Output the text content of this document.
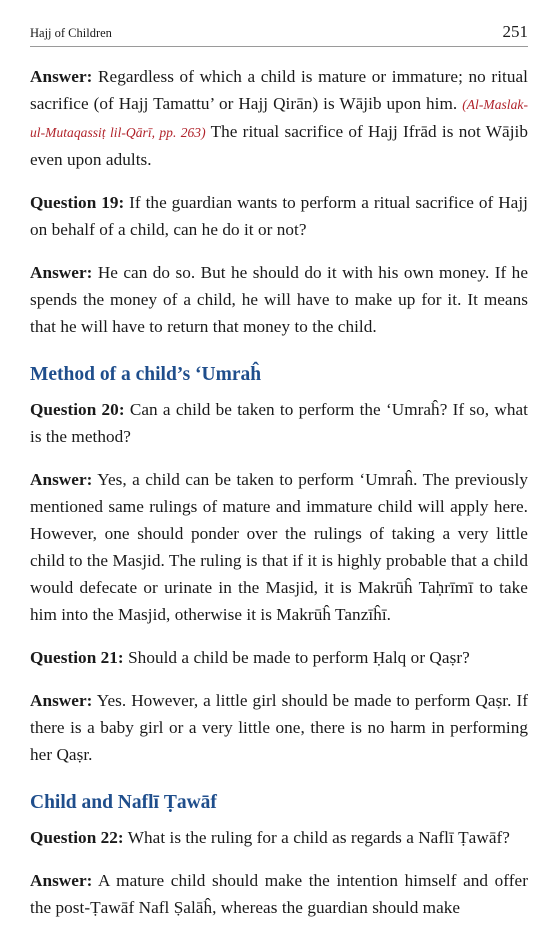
Hajj of Children	251

Answer: Regardless of which a child is mature or immature; no ritual sacrifice (of Hajj Tamattu’ or Hajj Qirān) is Wājib upon him. (Al-Maslak-ul-Mutaqassiṭ lil-Qārī, pp. 263) The ritual sacrifice of Hajj Ifrād is not Wājib even upon adults.

Question 19: If the guardian wants to perform a ritual sacrifice of Hajj on behalf of a child, can he do it or not?

Answer: He can do so. But he should do it with his own money. If he spends the money of a child, he will have to make up for it. It means that he will have to return that money to the child.

Method of a child’s ‘Umraĥ

Question 20: Can a child be taken to perform the ‘Umraĥ? If so, what is the method?

Answer: Yes, a child can be taken to perform ‘Umraĥ. The previously mentioned same rulings of mature and immature child will apply here. However, one should ponder over the rulings of taking a very little child to the Masjid. The ruling is that if it is highly probable that a child would defecate or urinate in the Masjid, it is Makrūĥ Taḥrīmī to take him into the Masjid, otherwise it is Makrūĥ Tanzīĥī.

Question 21: Should a child be made to perform Ḥalq or Qaṣr?

Answer: Yes. However, a little girl should be made to perform Qaṣr. If there is a baby girl or a very little one, there is no harm in performing her Qaṣr.

Child and Naflī Ṭawāf

Question 22: What is the ruling for a child as regards a Naflī Ṭawāf?

Answer: A mature child should make the intention himself and offer the post-Ṭawāf Nafl Ṣalāĥ, whereas the guardian should make
